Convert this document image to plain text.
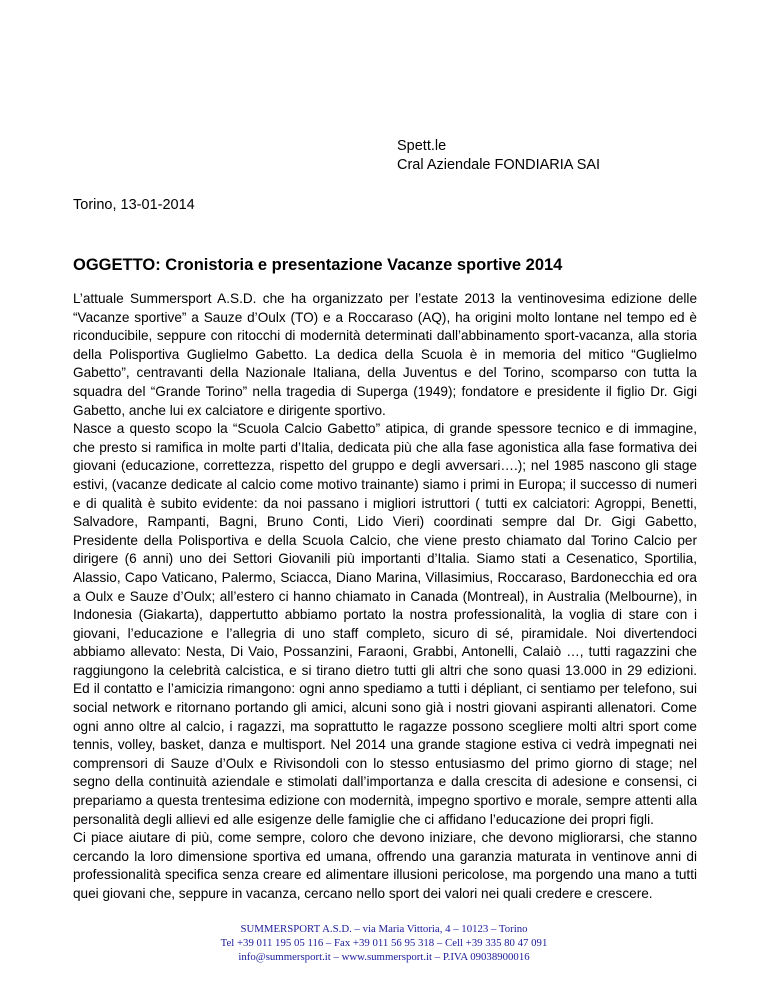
Spett.le
Cral Aziendale FONDIARIA SAI
Torino, 13-01-2014
OGGETTO: Cronistoria e presentazione Vacanze sportive 2014

L’attuale Summersport A.S.D. che ha organizzato per l’estate 2013 la ventinovesima edizione delle “Vacanze sportive” a Sauze d’Oulx (TO) e a Roccaraso (AQ), ha origini molto lontane nel tempo ed è riconducibile, seppure con ritocchi di modernità determinati dall’abbinamento sport-vacanza, alla storia della Polisportiva Guglielmo Gabetto. La dedica della Scuola è in memoria del mitico “Guglielmo Gabetto”, centravanti della Nazionale Italiana, della Juventus e del Torino, scomparso con tutta la squadra del “Grande Torino” nella tragedia di Superga (1949); fondatore e presidente il figlio Dr. Gigi Gabetto, anche lui ex calciatore e dirigente sportivo.

Nasce a questo scopo la “Scuola Calcio Gabetto” atipica, di grande spessore tecnico e di immagine, che presto si ramifica in molte parti d’Italia, dedicata più che alla fase agonistica alla fase formativa dei giovani (educazione, correttezza, rispetto del gruppo e degli avversari….); nel 1985 nascono gli stage estivi, (vacanze dedicate al calcio come motivo trainante) siamo i primi in Europa; il successo di numeri e di qualità è subito evidente: da noi passano i migliori istruttori ( tutti ex calciatori: Agroppi, Benetti, Salvadore, Rampanti, Bagni, Bruno Conti, Lido Vieri) coordinati sempre dal Dr. Gigi Gabetto, Presidente della Polisportiva e della Scuola Calcio, che viene presto chiamato dal Torino Calcio per dirigere (6 anni) uno dei Settori Giovanili più importanti d’Italia. Siamo stati a Cesenatico, Sportilia, Alassio, Capo Vaticano, Palermo, Sciacca, Diano Marina, Villasimius, Roccaraso, Bardonecchia ed ora a Oulx e Sauze d’Oulx; all’estero ci hanno chiamato in Canada (Montreal), in Australia (Melbourne), in Indonesia (Giakarta), dappertutto abbiamo portato la nostra professionalità, la voglia di stare con i giovani, l’educazione e l’allegria di uno staff completo, sicuro di sé, piramidale. Noi divertendoci abbiamo allevato: Nesta, Di Vaio, Possanzini, Faraoni, Grabbi, Antonelli, Calaiò …, tutti ragazzini che raggiungono la celebrità calcistica, e si tirano dietro tutti gli altri che sono quasi 13.000 in 29 edizioni. Ed il contatto e l’amicizia rimangono: ogni anno spediamo a tutti i dépliant, ci sentiamo per telefono, sui social network e ritornano portando gli amici, alcuni sono già i nostri giovani aspiranti allenatori. Come ogni anno oltre al calcio, i ragazzi, ma soprattutto le ragazze possono scegliere molti altri sport come tennis, volley, basket, danza e multisport. Nel 2014 una grande stagione estiva ci vedrà impegnati nei comprensori di Sauze d’Oulx e Rivisondoli con lo stesso entusiasmo del primo giorno di stage; nel segno della continuità aziendale e stimolati dall’importanza e dalla crescita di adesione e consensi, ci prepariamo a questa trentesima edizione con modernità, impegno sportivo e morale, sempre attenti alla personalità degli allievi ed alle esigenze delle famiglie che ci affidano l’educazione dei propri figli.

Ci piace aiutare di più, come sempre, coloro che devono iniziare, che devono migliorarsi, che stanno cercando la loro dimensione sportiva ed umana, offrendo una garanzia maturata in ventinove anni di professionalità specifica senza creare ed alimentare illusioni pericolose, ma porgendo una mano a tutti quei giovani che, seppure in vacanza, cercano nello sport dei valori nei quali credere e crescere.

SUMMERSPORT A.S.D. – via Maria Vittoria, 4 – 10123 – Torino
Tel +39 011 195 05 116 – Fax +39 011 56 95 318 – Cell +39 335 80 47 091
info@summersport.it – www.summersport.it – P.IVA 09038900016
